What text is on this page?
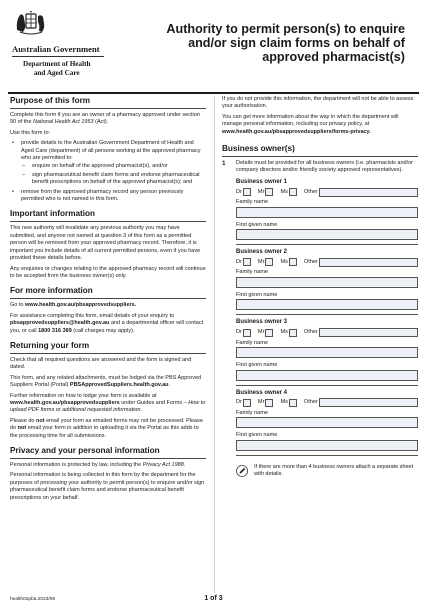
Australian Government
Department of Health
and Aged Care
Authority to permit person(s) to enquire
and/or sign claim forms on behalf of
approved pharmacist(s)
Purpose of this form

Complete this form if you are an owner of a pharmacy approved under section 90 of the National Health Act 1953 (Act).

Use this form to:

• provide details to the Australian Government Department of Health and Aged Care (department) of all persons working at the approved pharmacy who are permitted to:
– enquire on behalf of the approved pharmacist(s), and/or
– sign pharmaceutical benefit claim forms and endorse pharmaceutical benefit prescriptions on behalf of the approved pharmacist(s); and
• remove from the approved pharmacy record any person previously permitted who is not named in this form.
Important information

This new authority will invalidate any previous authority you may have submitted, and anyone not named at question 3 of this form as a permitted person will be removed from your approved pharmacy record. Therefore, it is important you include details of all current permitted persons, even if you have provided these details before.

Any enquiries or changes relating to the approved pharmacy record will continue to be accepted from the business owner(s) only.

For more information

Go to www.health.gov.au/pbsapprovedsuppliers.

For assistance completing this form, email details of your enquiry to pbsapprovedsuppliers@health.gov.au and a departmental officer will contact you, or call 1800 316 389 (call charges may apply).

Returning your form

Check that all required questions are answered and the form is signed and dated.

This form, and any related attachments, must be lodged via the PBS Approved Suppliers Portal (Portal) PBSApprovedSuppliers.health.gov.au.

Further information on how to lodge your form is available at www.health.gov.au/pbsapprovedsuppliers under Guides and Forms – How to upload PDF forms or additional requested information.

Please do not email your form as emailed forms may not be processed. Please do not email your form in addition to uploading it via the Portal as this adds to the processing time for all submissions.

Privacy and your personal information

Personal information is protected by law, including the Privacy Act 1988.

Personal information is being collected in this form by the department for the purposes of processing your authority to permit person(s) to enquire and/or sign pharmaceutical benefit claim forms and endorse pharmaceutical benefit prescriptions on your behalf.

If you do not provide this information, the department will not be able to assess your authorisation.

You can get more information about the way in which the department will manage personal information, including our privacy policy, at www.health.gov.au/pbsapprovedsuppliers/forms-privacy.

Business owner(s)
1	Details must be provided for all business owners (i.e. pharmacists and/or company directors and/or friendly society approved representatives).
Business owner 1
Dr	Mr	Ms	Other
Family name
First given name
Business owner 2
Dr	Mr	Ms	Other
Family name
First given name
Business owner 3
Dr	Mr	Ms	Other
Family name
First given name
Business owner 4
Dr	Mr	Ms	Other
Family name
First given name
If there are more than 4 business owners attach a separate sheet with details.
health02pba.2023/09	1 of 3
